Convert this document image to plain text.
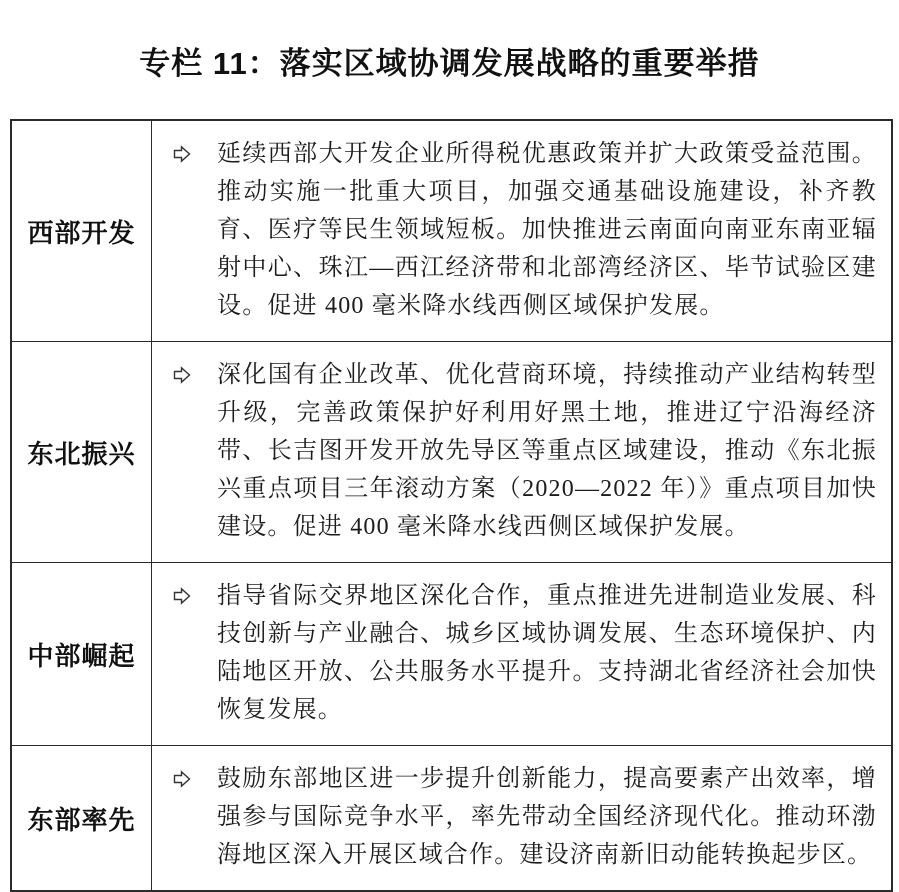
专栏 11：落实区域协调发展战略的重要举措
西部开发
延续西部大开发企业所得税优惠政策并扩大政策受益范围。推动实施一批重大项目，加强交通基础设施建设，补齐教育、医疗等民生领域短板。加快推进云南面向南亚东南亚辐射中心、珠江—西江经济带和北部湾经济区、毕节试验区建设。促进 400 毫米降水线西侧区域保护发展。
东北振兴
深化国有企业改革、优化营商环境，持续推动产业结构转型升级，完善政策保护好利用好黑土地，推进辽宁沿海经济带、长吉图开发开放先导区等重点区域建设，推动《东北振兴重点项目三年滚动方案（2020—2022 年）》重点项目加快建设。促进 400 毫米降水线西侧区域保护发展。
中部崛起
指导省际交界地区深化合作，重点推进先进制造业发展、科技创新与产业融合、城乡区域协调发展、生态环境保护、内陆地区开放、公共服务水平提升。支持湖北省经济社会加快恢复发展。
东部率先
鼓励东部地区进一步提升创新能力，提高要素产出效率，增强参与国际竞争水平，率先带动全国经济现代化。推动环渤海地区深入开展区域合作。建设济南新旧动能转换起步区。
